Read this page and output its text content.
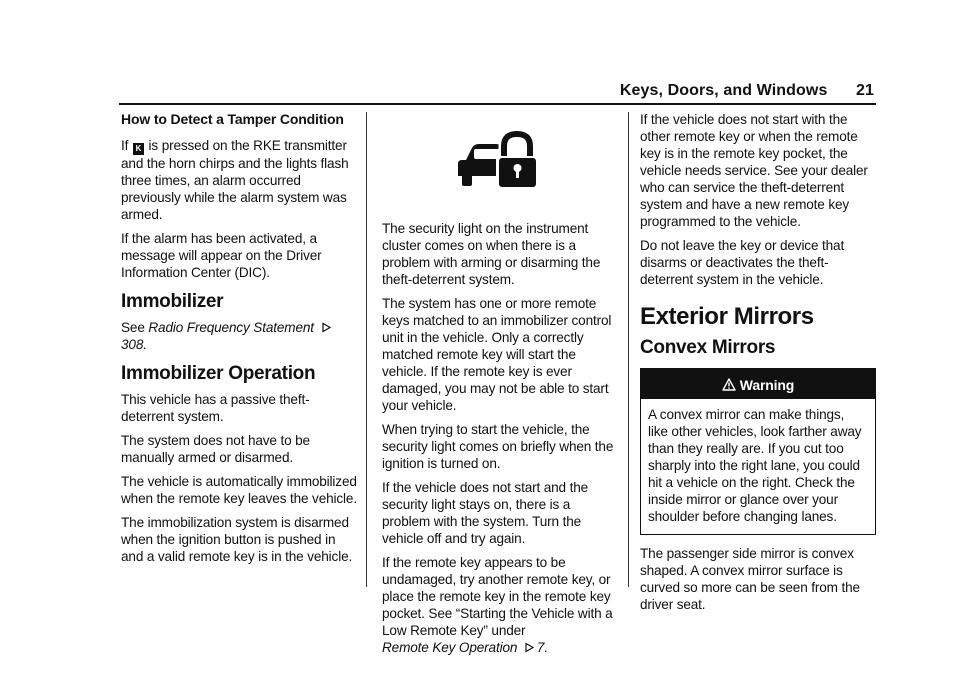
Keys, Doors, and Windows 21
How to Detect a Tamper Condition

If K is pressed on the RKE transmitter and the horn chirps and the lights flash three times, an alarm occurred previously while the alarm system was armed.

If the alarm has been activated, a message will appear on the Driver Information Center (DIC).

Immobilizer

See Radio Frequency Statement 308.

Immobilizer Operation

This vehicle has a passive theft-deterrent system.

The system does not have to be manually armed or disarmed.

The vehicle is automatically immobilized when the remote key leaves the vehicle.

The immobilization system is disarmed when the ignition button is pushed in and a valid remote key is in the vehicle.

The security light on the instrument cluster comes on when there is a problem with arming or disarming the theft-deterrent system.

The system has one or more remote keys matched to an immobilizer control unit in the vehicle. Only a correctly matched remote key will start the vehicle. If the remote key is ever damaged, you may not be able to start your vehicle.

When trying to start the vehicle, the security light comes on briefly when the ignition is turned on.

If the vehicle does not start and the security light stays on, there is a problem with the system. Turn the vehicle off and try again.

If the remote key appears to be undamaged, try another remote key, or place the remote key in the remote key pocket. See “Starting the Vehicle with a Low Remote Key” under
Remote Key Operation 7.

If the vehicle does not start with the other remote key or when the remote key is in the remote key pocket, the vehicle needs service. See your dealer who can service the theft-deterrent system and have a new remote key programmed to the vehicle.

Do not leave the key or device that disarms or deactivates the theft-deterrent system in the vehicle.

Exterior Mirrors
Convex Mirrors
Warning
A convex mirror can make things, like other vehicles, look farther away than they really are. If you cut too sharply into the right lane, you could hit a vehicle on the right. Check the inside mirror or glance over your shoulder before changing lanes.

The passenger side mirror is convex shaped. A convex mirror surface is curved so more can be seen from the driver seat.
